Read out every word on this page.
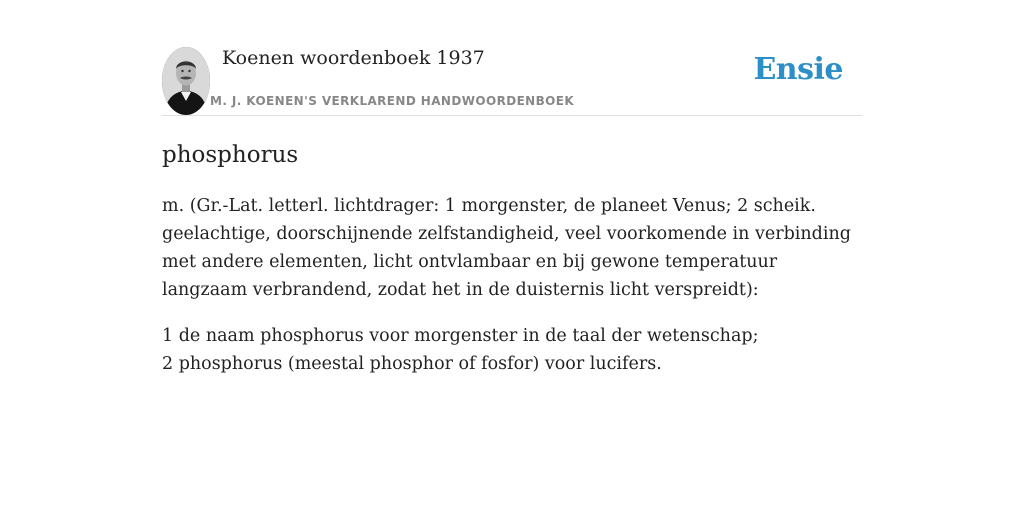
Koenen woordenboek 1937
M. J. KOENEN'S VERKLAREND HANDWOORDENBOEK
Ensie
phosphorus

m. (Gr.-Lat. letterl. lichtdrager: 1 morgenster, de planeet Venus; 2 scheik. geelachtige, doorschijnende zelfstandigheid, veel voorkomende in verbinding met andere elementen, licht ontvlambaar en bij gewone temperatuur langzaam verbrandend, zodat het in de duisternis licht verspreidt):

1 de naam phosphorus voor morgenster in de taal der wetenschap;
2 phosphorus (meestal phosphor of fosfor) voor lucifers.
